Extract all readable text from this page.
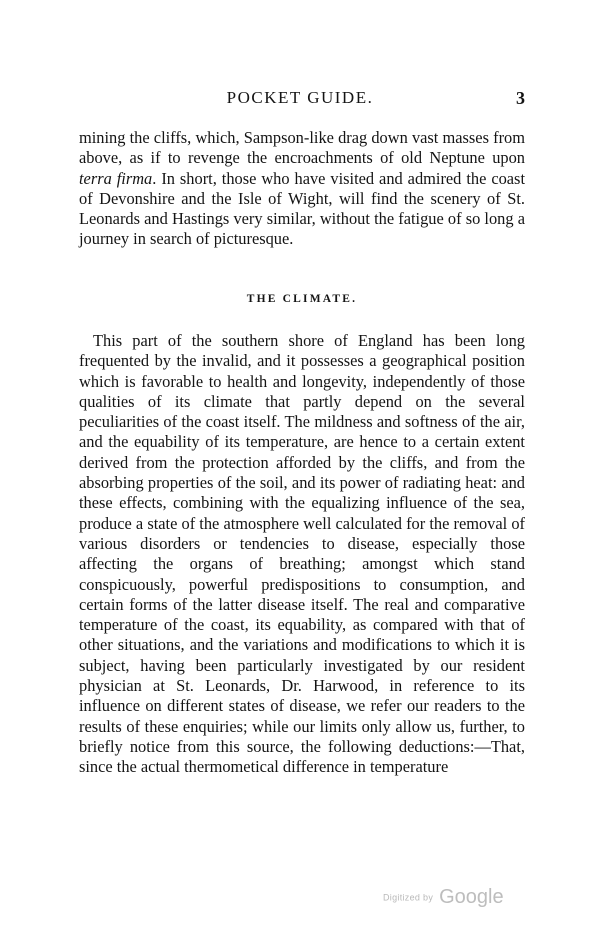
POCKET GUIDE.	3

mining the cliffs, which, Sampson-like drag down vast masses from above, as if to revenge the encroachments of old Neptune upon terra firma. In short, those who have visited and admired the coast of Devonshire and the Isle of Wight, will find the scenery of St. Leonards and Hastings very similar, without the fatigue of so long a journey in search of picturesque.

THE CLIMATE.

This part of the southern shore of England has been long frequented by the invalid, and it possesses a geographical position which is favorable to health and longevity, independently of those qualities of its climate that partly depend on the several peculiarities of the coast itself. The mildness and softness of the air, and the equability of its temperature, are hence to a certain extent derived from the protection afforded by the cliffs, and from the absorbing properties of the soil, and its power of radiating heat: and these effects, combining with the equalizing influence of the sea, produce a state of the atmosphere well calculated for the removal of various disorders or tendencies to disease, especially those affecting the organs of breathing; amongst which stand conspicuously, powerful predispositions to consumption, and certain forms of the latter disease itself. The real and comparative temperature of the coast, its equability, as compared with that of other situations, and the variations and modifications to which it is subject, having been particularly investigated by our resident physician at St. Leonards, Dr. Harwood, in reference to its influence on different states of disease, we refer our readers to the results of these enquiries; while our limits only allow us, further, to briefly notice from this source, the following deductions:—That, since the actual thermometical difference in temperature

Digitized by Google
